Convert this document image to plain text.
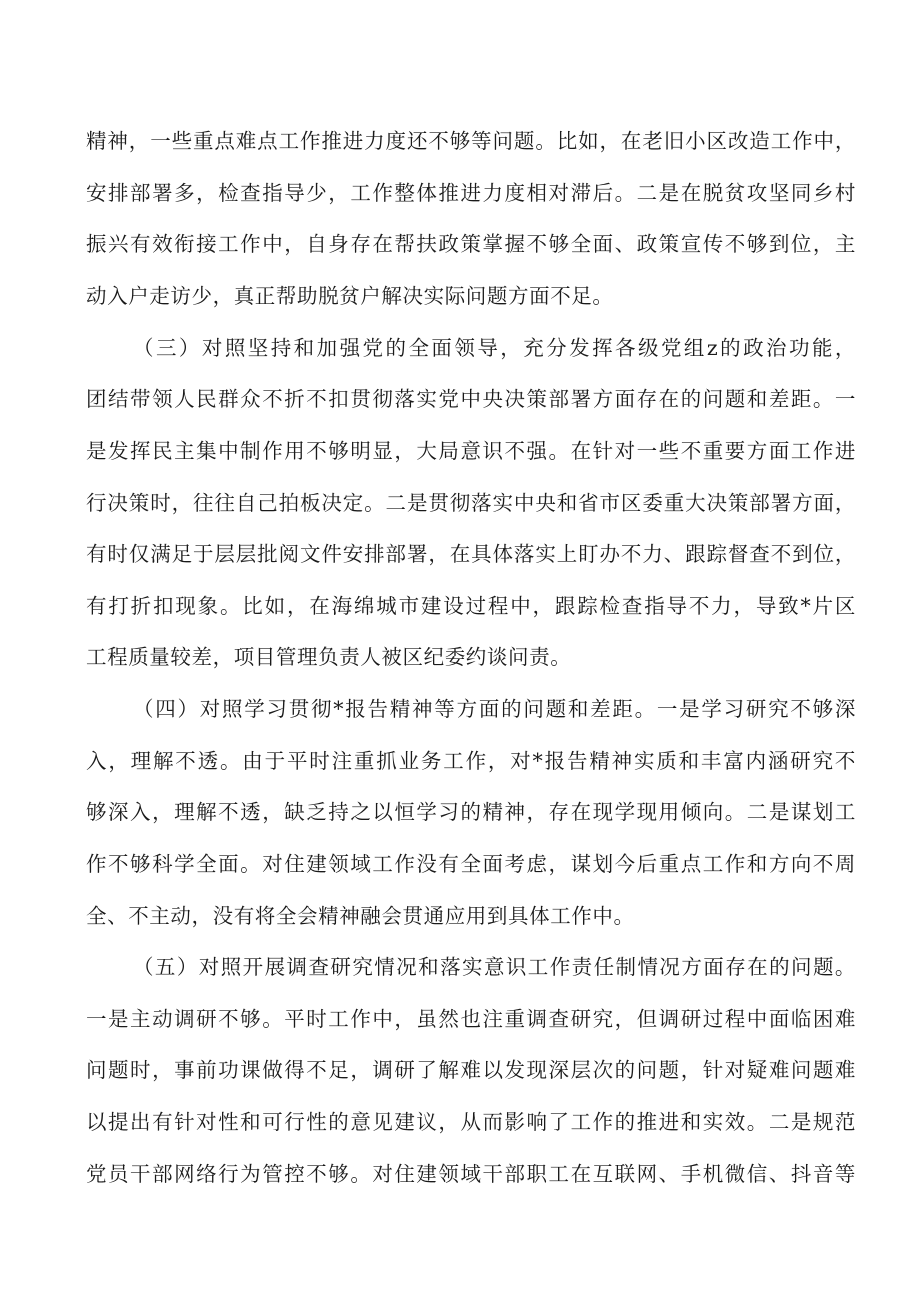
精神，一些重点难点工作推进力度还不够等问题。比如，在老旧小区改造工作中，
安排部署多，检查指导少，工作整体推进力度相对滞后。二是在脱贫攻坚同乡村
振兴有效衔接工作中，自身存在帮扶政策掌握不够全面、政策宣传不够到位，主
动入户走访少，真正帮助脱贫户解决实际问题方面不足。
（三）对照坚持和加强党的全面领导，充分发挥各级党组z的政治功能，
团结带领人民群众不折不扣贯彻落实党中央决策部署方面存在的问题和差距。一
是发挥民主集中制作用不够明显，大局意识不强。在针对一些不重要方面工作进
行决策时，往往自己拍板决定。二是贯彻落实中央和省市区委重大决策部署方面，
有时仅满足于层层批阅文件安排部署，在具体落实上盯办不力、跟踪督查不到位，
有打折扣现象。比如，在海绵城市建设过程中，跟踪检查指导不力，导致*片区
工程质量较差，项目管理负责人被区纪委约谈问责。
（四）对照学习贯彻*报告精神等方面的问题和差距。一是学习研究不够深
入，理解不透。由于平时注重抓业务工作，对*报告精神实质和丰富内涵研究不
够深入，理解不透，缺乏持之以恒学习的精神，存在现学现用倾向。二是谋划工
作不够科学全面。对住建领域工作没有全面考虑，谋划今后重点工作和方向不周
全、不主动，没有将全会精神融会贯通应用到具体工作中。
（五）对照开展调查研究情况和落实意识工作责任制情况方面存在的问题。
一是主动调研不够。平时工作中，虽然也注重调查研究，但调研过程中面临困难
问题时，事前功课做得不足，调研了解难以发现深层次的问题，针对疑难问题难
以提出有针对性和可行性的意见建议，从而影响了工作的推进和实效。二是规范
党员干部网络行为管控不够。对住建领域干部职工在互联网、手机微信、抖音等
